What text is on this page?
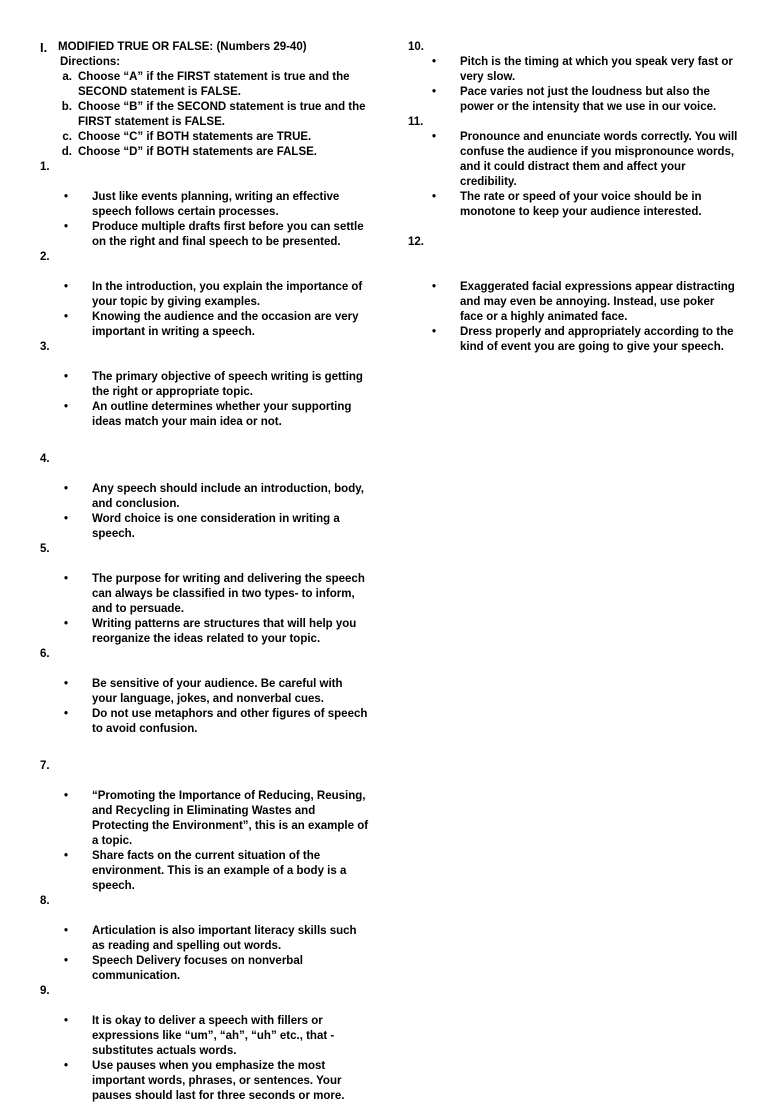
I. MODIFIED TRUE OR FALSE: (Numbers 29-40)
Directions:
a. Choose “A” if the FIRST statement is true and the SECOND statement is FALSE.
b. Choose “B” if the SECOND statement is true and the FIRST statement is FALSE.
c. Choose “C” if BOTH statements are TRUE.
d. Choose “D” if BOTH statements are FALSE.
1.
• Just like events planning, writing an effective speech follows certain processes.
• Produce multiple drafts first before you can settle on the right and final speech to be presented.
2.
• In the introduction, you explain the importance of your topic by giving examples.
• Knowing the audience and the occasion are very important in writing a speech.
3.
• The primary objective of speech writing is getting the right or appropriate topic.
• An outline determines whether your supporting ideas match your main idea or not.
4.
• Any speech should include an introduction, body, and conclusion.
• Word choice is one consideration in writing a speech.
5.
• The purpose for writing and delivering the speech can always be classified in two types- to inform, and to persuade.
• Writing patterns are structures that will help you reorganize the ideas related to your topic.
6.
• Be sensitive of your audience. Be careful with your language, jokes, and nonverbal cues.
• Do not use metaphors and other figures of speech to avoid confusion.
7.
• “Promoting the Importance of Reducing, Reusing, and Recycling in Eliminating Wastes and Protecting the Environment”, this is an example of a topic.
• Share facts on the current situation of the environment. This is an example of a body is a speech.
8.
• Articulation is also important literacy skills such as reading and spelling out words.
• Speech Delivery focuses on nonverbal communication.
9.
• It is okay to deliver a speech with fillers or expressions like “um”, “ah”, “uh” etc., that - substitutes actuals words.
• Use pauses when you emphasize the most important words, phrases, or sentences. Your pauses should last for three seconds or more.
10.
• Pitch is the timing at which you speak very fast or very slow.
• Pace varies not just the loudness but also the power or the intensity that we use in our voice.
11.
• Pronounce and enunciate words correctly. You will confuse the audience if you mispronounce words, and it could distract them and affect your credibility.
• The rate or speed of your voice should be in monotone to keep your audience interested.
12.
• Exaggerated facial expressions appear distracting and may even be annoying. Instead, use poker face or a highly animated face.
• Dress properly and appropriately according to the kind of event you are going to give your speech.
